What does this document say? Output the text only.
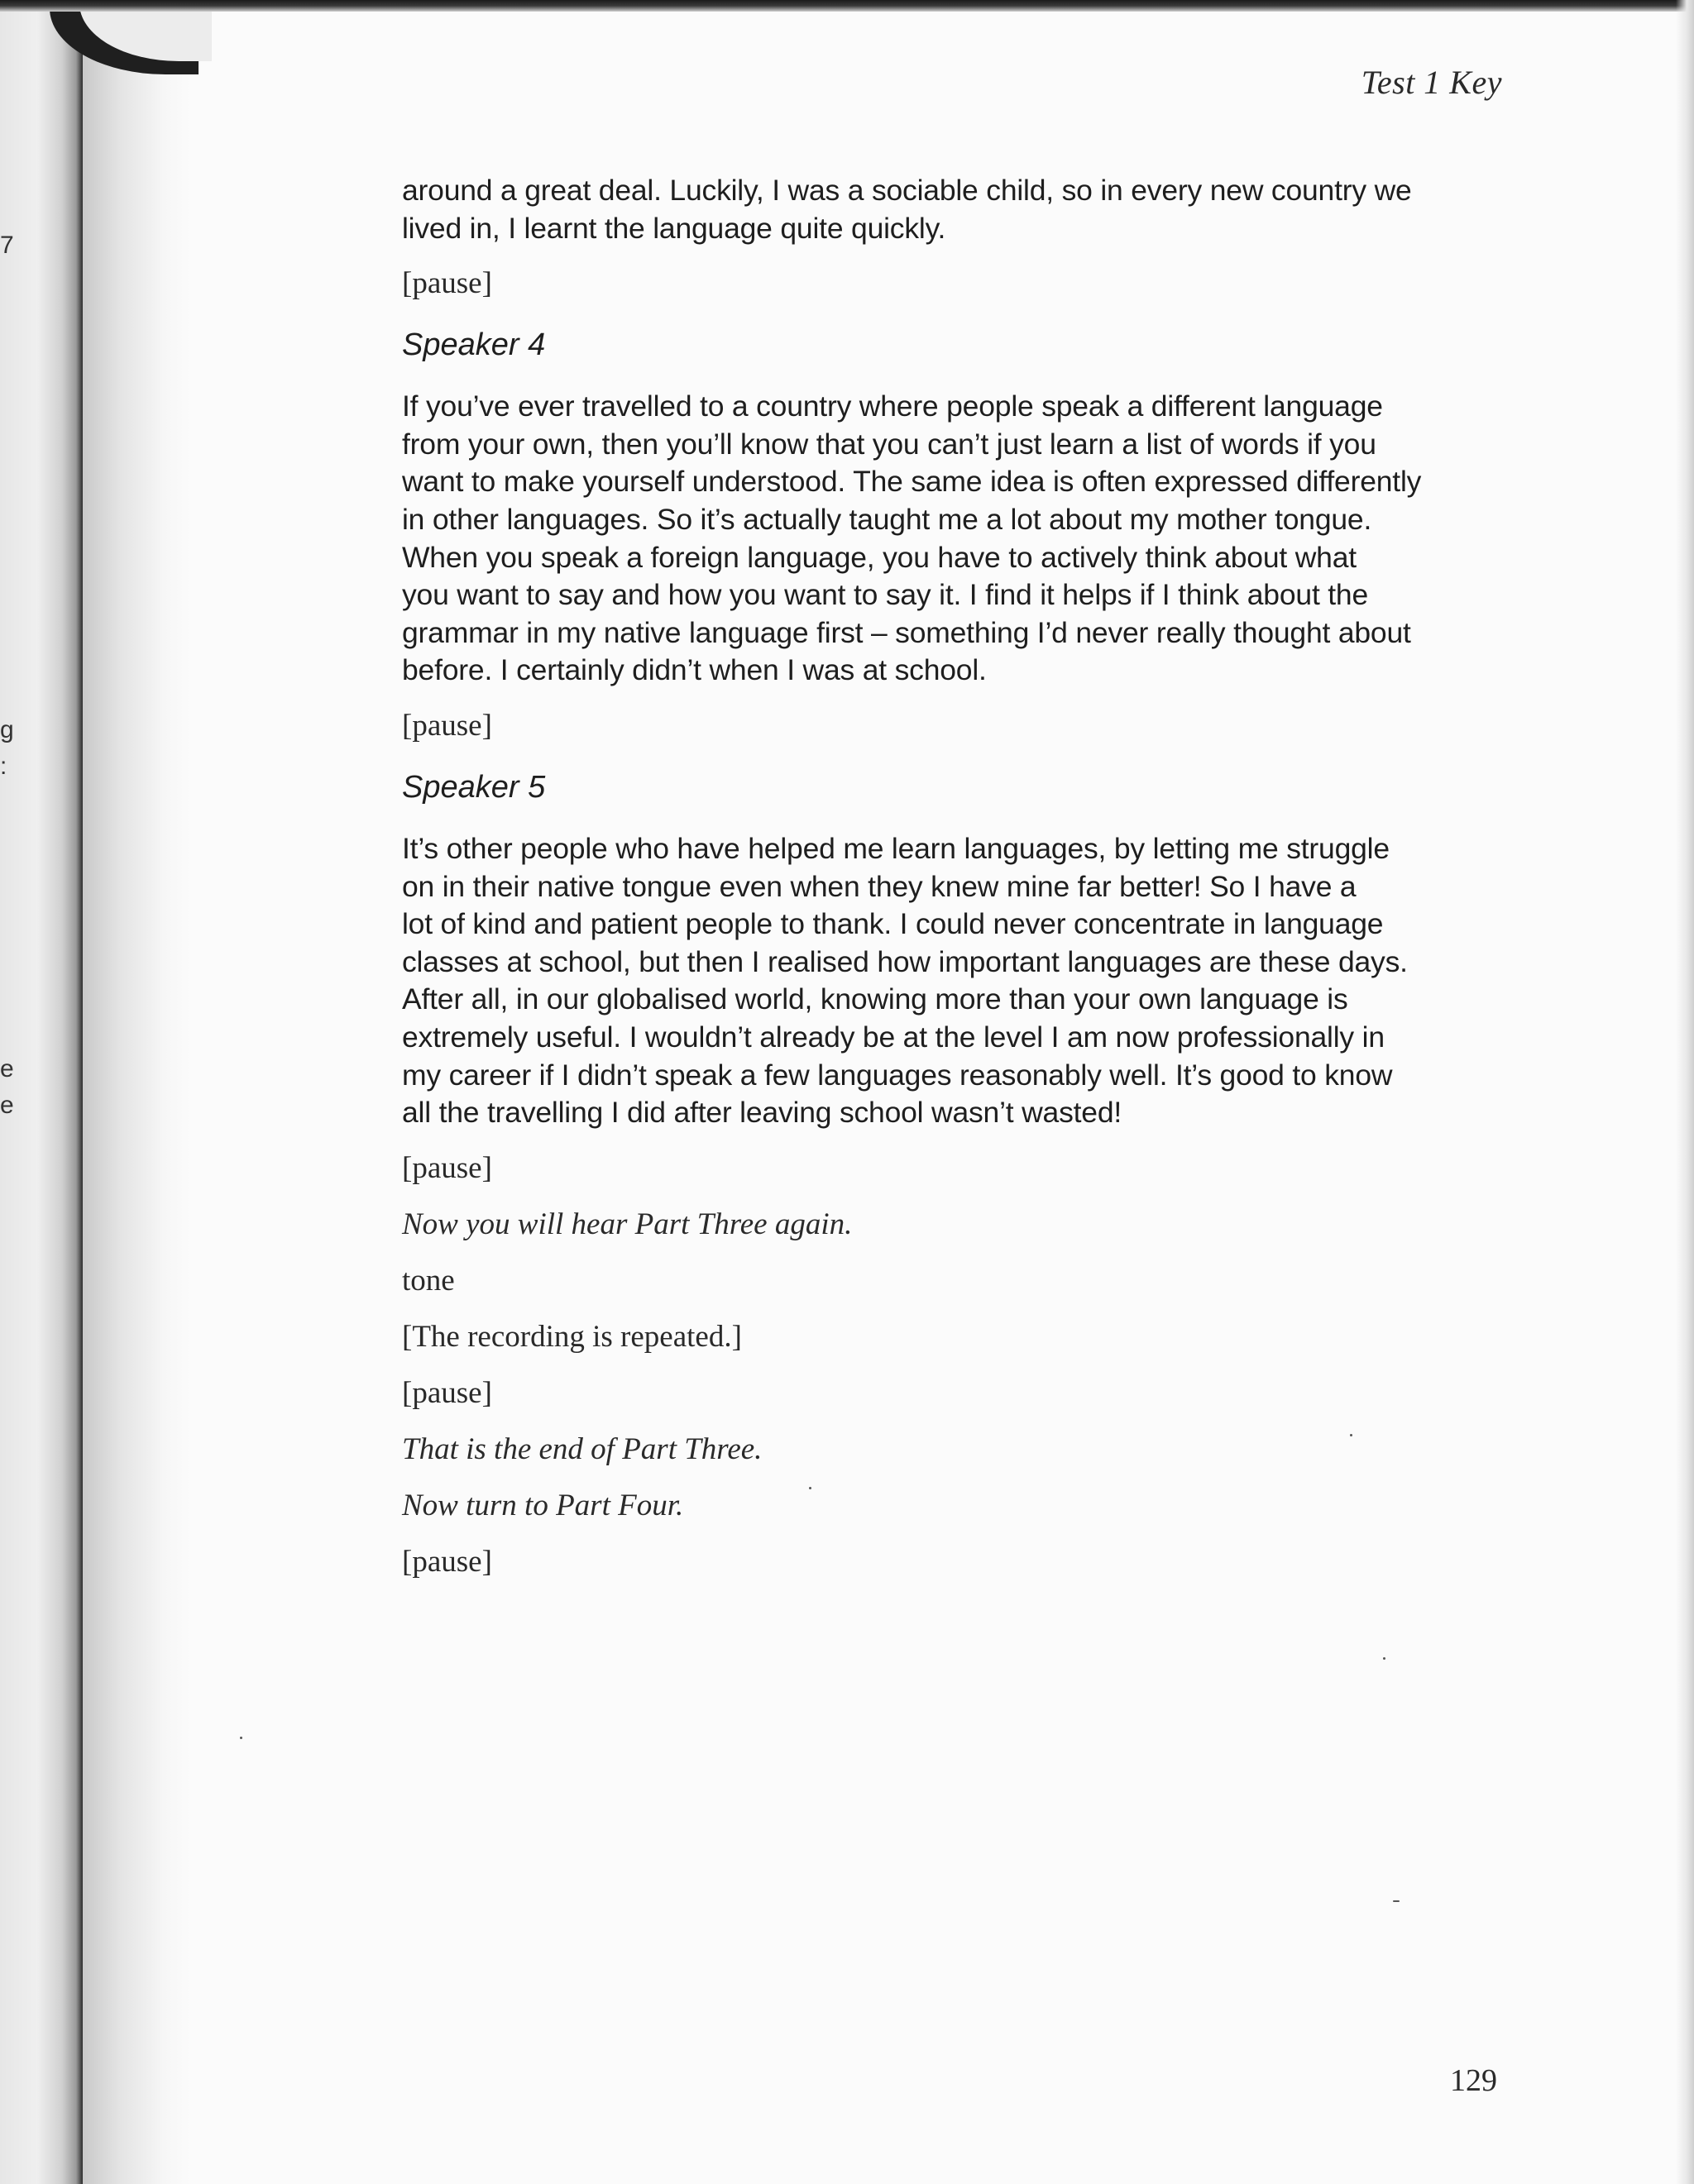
7
g
:
e
e
Test 1 Key

around a great deal. Luckily, I was a sociable child, so in every new country we
lived in, I learnt the language quite quickly.

[pause]

Speaker 4

If you’ve ever travelled to a country where people speak a different language
from your own, then you’ll know that you can’t just learn a list of words if you
want to make yourself understood. The same idea is often expressed differently
in other languages. So it’s actually taught me a lot about my mother tongue.
When you speak a foreign language, you have to actively think about what
you want to say and how you want to say it. I find it helps if I think about the
grammar in my native language first – something I’d never really thought about
before. I certainly didn’t when I was at school.

[pause]

Speaker 5

It’s other people who have helped me learn languages, by letting me struggle
on in their native tongue even when they knew mine far better! So I have a
lot of kind and patient people to thank. I could never concentrate in language
classes at school, but then I realised how important languages are these days.
After all, in our globalised world, knowing more than your own language is
extremely useful. I wouldn’t already be at the level I am now professionally in
my career if I didn’t speak a few languages reasonably well. It’s good to know
all the travelling I did after leaving school wasn’t wasted!

[pause]

Now you will hear Part Three again.

tone

[The recording is repeated.]

[pause]

That is the end of Part Three.

Now turn to Part Four.

[pause]

129
